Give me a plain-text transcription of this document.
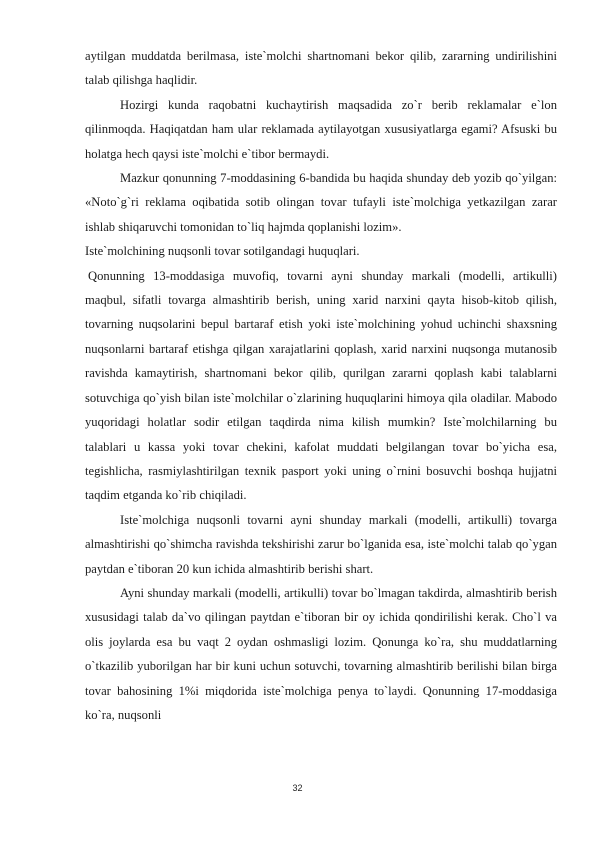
aytilgan muddatda berilmasa, iste`molchi shartnomani bekor qilib, zararning undirilishini talab qilishga haqlidir.

Hozirgi kunda raqobatni kuchaytirish maqsadida zo`r berib reklamalar e`lon qilinmoqda. Haqiqatdan ham ular reklamada aytilayotgan xususiyatlarga egami? Afsuski bu holatga hech qaysi iste`molchi e`tibor bermaydi.

Mazkur qonunning 7-moddasining 6-bandida bu haqida shunday deb yozib qo`yilgan: «Noto`g`ri reklama oqibatida sotib olingan tovar tufayli iste`molchiga yetkazilgan zarar ishlab shiqaruvchi tomonidan to`liq hajmda qoplanishi lozim».

Iste`molchining nuqsonli tovar sotilgandagi huquqlari.

Qonunning 13-moddasiga muvofiq, tovarni ayni shunday markali (modelli, artikulli) maqbul, sifatli tovarga almashtirib berish, uning xarid narxini qayta hisob-kitob qilish, tovarning nuqsolarini bepul bartaraf etish yoki iste`molchining yohud uchinchi shaxsning nuqsonlarni bartaraf etishga qilgan xarajatlarini qoplash, xarid narxini nuqsonga mutanosib ravishda kamaytirish, shartnomani bekor qilib, qurilgan zararni qoplash kabi talablarni sotuvchiga qo`yish bilan iste`molchilar o`zlarining huquqlarini himoya qila oladilar. Mabodo yuqoridagi holatlar sodir etilgan taqdirda nima kilish mumkin? Iste`molchilarning bu talablari u kassa yoki tovar chekini, kafolat muddati belgilangan tovar bo`yicha esa, tegishlicha, rasmiylashtirilgan texnik pasport yoki uning o`rnini bosuvchi boshqa hujjatni taqdim etganda ko`rib chiqiladi.

Iste`molchiga nuqsonli tovarni ayni shunday markali (modelli, artikulli) tovarga almashtirishi qo`shimcha ravishda tekshirishi zarur bo`lganida esa, iste`molchi talab qo`ygan paytdan e`tiboran 20 kun ichida almashtirib berishi shart.

Ayni shunday markali (modelli, artikulli) tovar bo`lmagan takdirda, almashtirib berish xususidagi talab da`vo qilingan paytdan e`tiboran bir oy ichida qondirilishi kerak. Cho`l va olis joylarda esa bu vaqt 2 oydan oshmasligi lozim. Qonunga ko`ra, shu muddatlarning o`tkazilib yuborilgan har bir kuni uchun sotuvchi, tovarning almashtirib berilishi bilan birga tovar bahosining 1%i miqdorida iste`molchiga penya to`laydi. Qonunning 17-moddasiga ko`ra, nuqsonli

32
